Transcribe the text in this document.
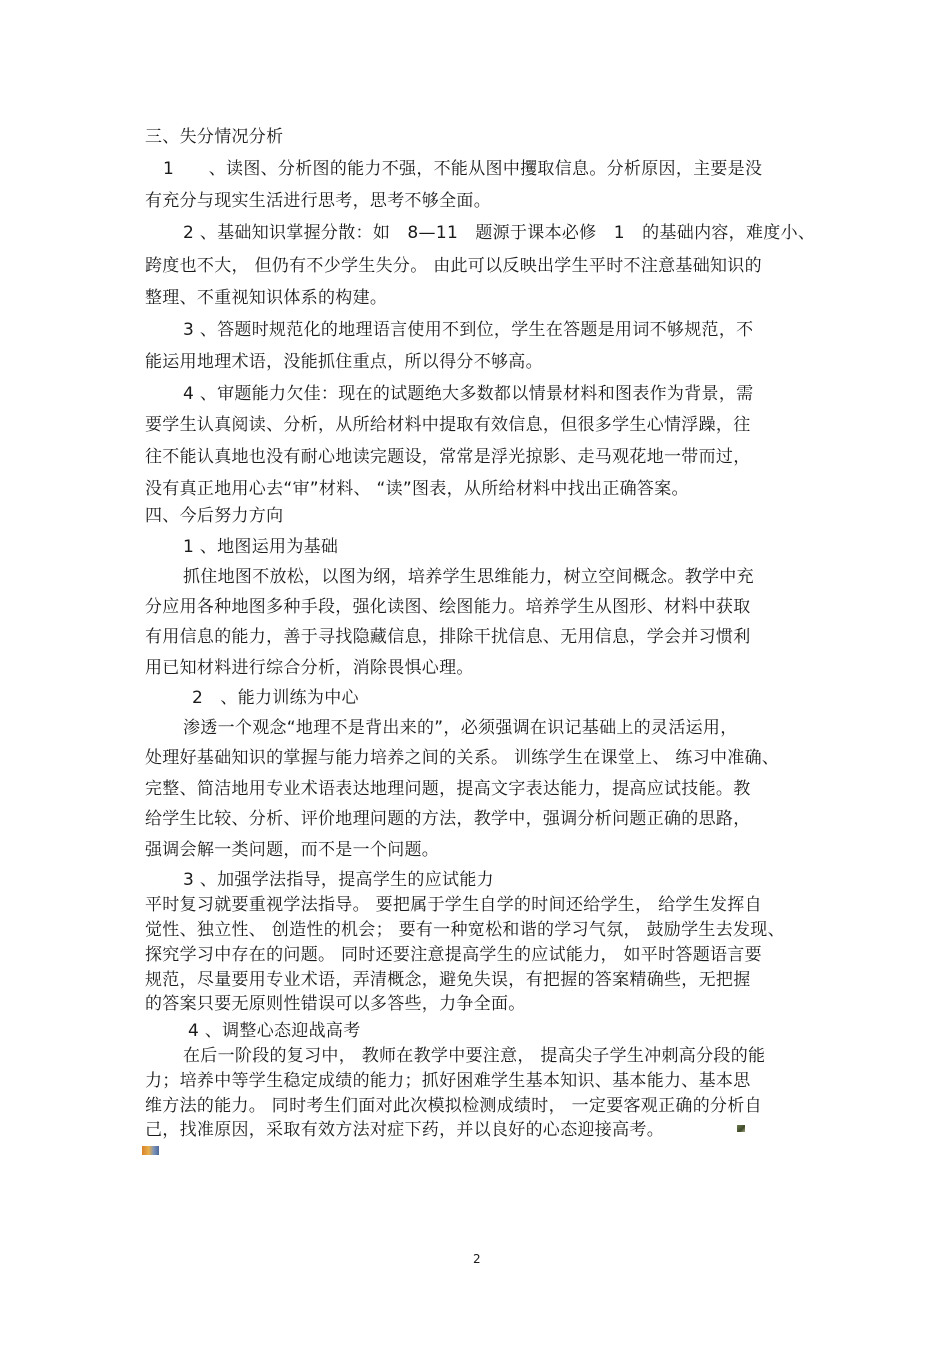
三、失分情况分析
1　　、读图、分析图的能力不强，不能从图中攫取信息。分析原因，主要是没
有充分与现实生活进行思考，思考不够全面。
2 、基础知识掌握分散：如　8—11　题源于课本必修　1　的基础内容，难度小、
跨度也不大， 但仍有不少学生失分。 由此可以反映出学生平时不注意基础知识的
整理、不重视知识体系的构建。
3 、答题时规范化的地理语言使用不到位，学生在答题是用词不够规范，不
能运用地理术语，没能抓住重点，所以得分不够高。
4 、审题能力欠佳：现在的试题绝大多数都以情景材料和图表作为背景，需
要学生认真阅读、分析，从所给材料中提取有效信息，但很多学生心情浮躁，往
往不能认真地也没有耐心地读完题设，常常是浮光掠影、走马观花地一带而过，
没有真正地用心去“审”材料、 “读”图表，从所给材料中找出正确答案。
四、今后努力方向
1 、地图运用为基础
抓住地图不放松，以图为纲，培养学生思维能力，树立空间概念。教学中充
分应用各种地图多种手段，强化读图、绘图能力。培养学生从图形、材料中获取
有用信息的能力，善于寻找隐藏信息，排除干扰信息、无用信息，学会并习惯利
用已知材料进行综合分析，消除畏惧心理。
2　、能力训练为中心
渗透一个观念“地理不是背出来的”，必须强调在识记基础上的灵活运用，
处理好基础知识的掌握与能力培养之间的关系。 训练学生在课堂上、 练习中准确、
完整、简洁地用专业术语表达地理问题，提高文字表达能力，提高应试技能。教
给学生比较、分析、评价地理问题的方法，教学中，强调分析问题正确的思路，
强调会解一类问题，而不是一个问题。
3 、加强学法指导，提高学生的应试能力
平时复习就要重视学法指导。 要把属于学生自学的时间还给学生， 给学生发挥自
觉性、独立性、 创造性的机会； 要有一种宽松和谐的学习气氛， 鼓励学生去发现、
探究学习中存在的问题。 同时还要注意提高学生的应试能力， 如平时答题语言要
规范，尽量要用专业术语，弄清概念，避免失误，有把握的答案精确些，无把握
的答案只要无原则性错误可以多答些，力争全面。
4 、调整心态迎战高考
在后一阶段的复习中， 教师在教学中要注意， 提高尖子学生冲刺高分段的能
力；培养中等学生稳定成绩的能力；抓好困难学生基本知识、基本能力、基本思
维方法的能力。 同时考生们面对此次模拟检测成绩时， 一定要客观正确的分析自
己，找准原因，采取有效方法对症下药，并以良好的心态迎接高考。
2
